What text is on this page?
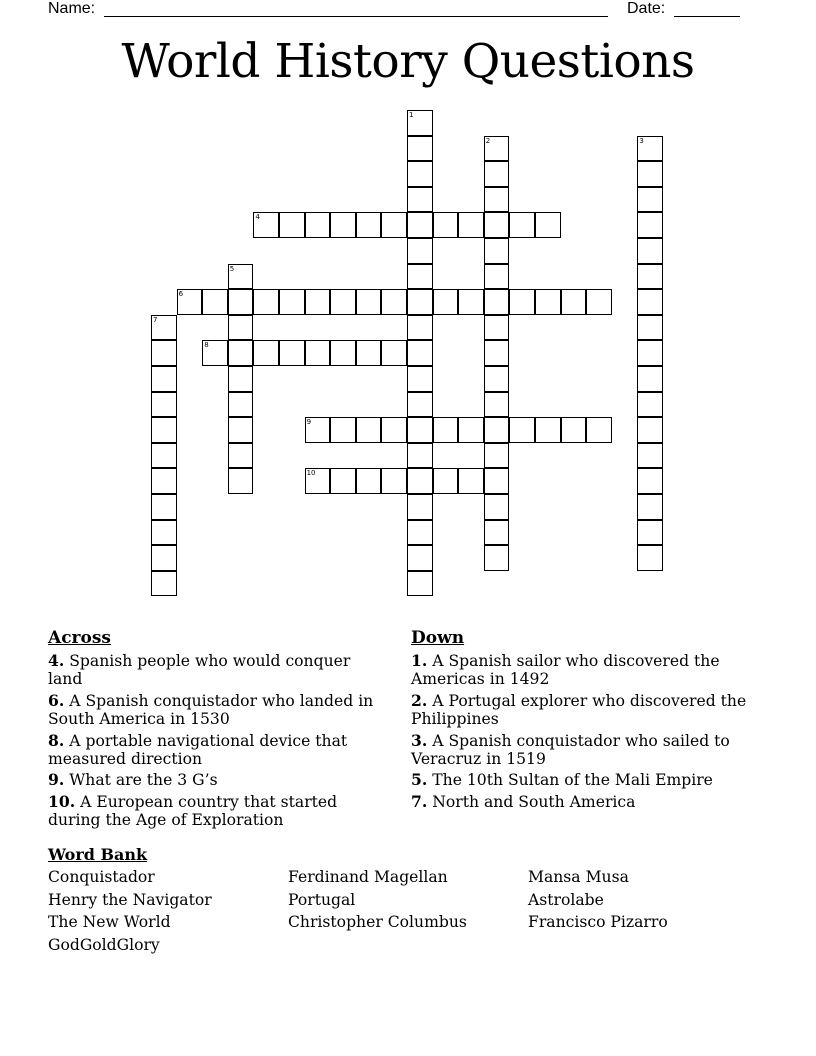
Name:	Date:
World History Questions
1
2	3
4
5
6
7
8
9
10
Across
4. Spanish people who would conquer land
6. A Spanish conquistador who landed in South America in 1530
8. A portable navigational device that measured direction
9. What are the 3 G’s
10. A European country that started during the Age of Exploration
Down
1. A Spanish sailor who discovered the Americas in 1492
2. A Portugal explorer who discovered the Philippines
3. A Spanish conquistador who sailed to Veracruz in 1519
5. The 10th Sultan of the Mali Empire
7. North and South America
Word Bank
Conquistador	Ferdinand Magellan	Mansa Musa
Henry the Navigator	Portugal	Astrolabe
The New World	Christopher Columbus	Francisco Pizarro
GodGoldGlory
